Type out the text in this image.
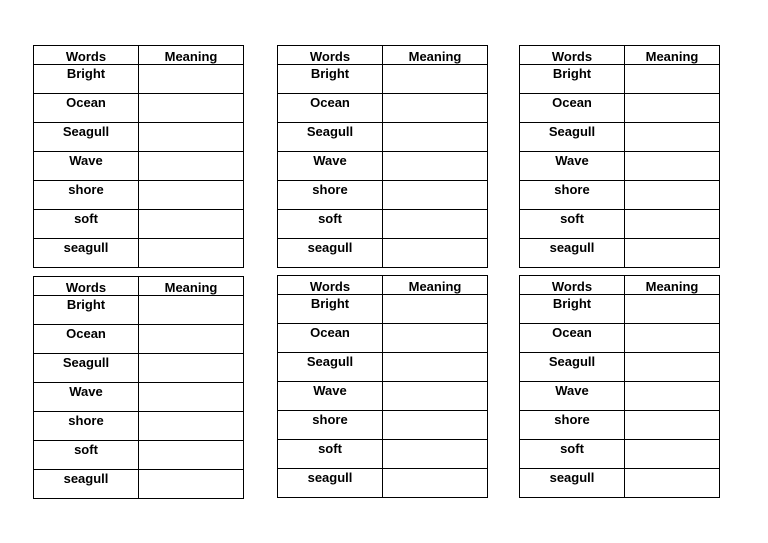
Words	Meaning
Bright	
Ocean	
Seagull	
Wave	
shore	
soft	
seagull	
Words	Meaning
Bright	
Ocean	
Seagull	
Wave	
shore	
soft	
seagull	
Words	Meaning
Bright	
Ocean	
Seagull	
Wave	
shore	
soft	
seagull	
Words	Meaning
Bright	
Ocean	
Seagull	
Wave	
shore	
soft	
seagull	
Words	Meaning
Bright	
Ocean	
Seagull	
Wave	
shore	
soft	
seagull	
Words	Meaning
Bright	
Ocean	
Seagull	
Wave	
shore	
soft	
seagull	
